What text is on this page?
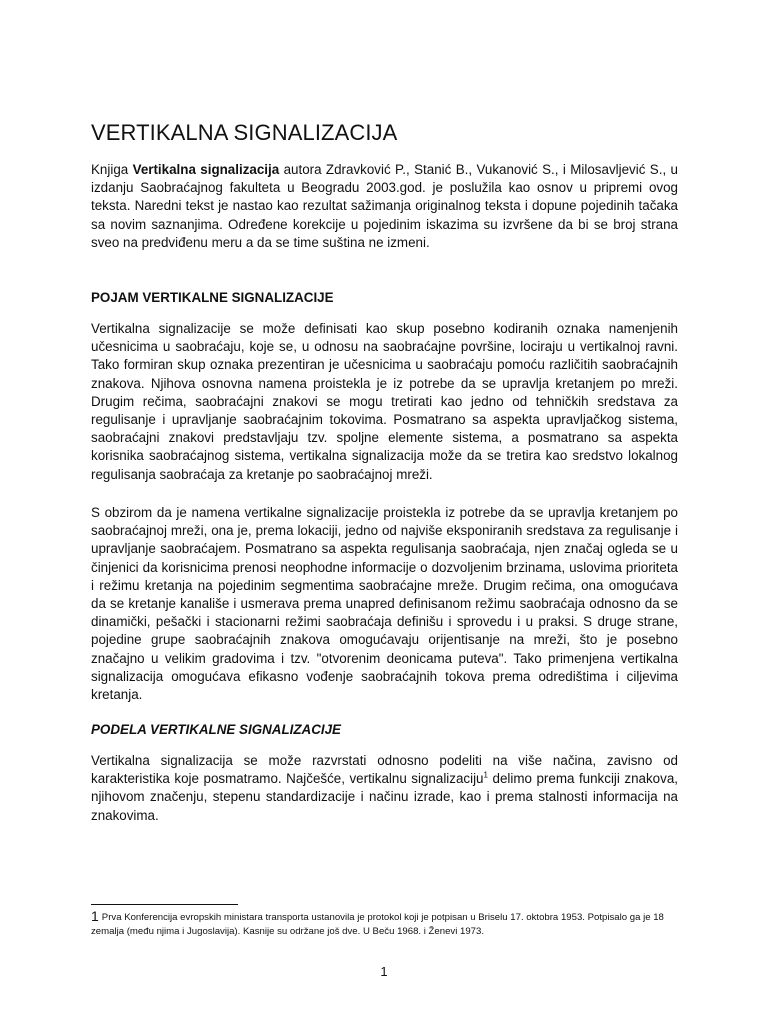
VERTIKALNA SIGNALIZACIJA

Knjiga Vertikalna signalizacija autora Zdravković P., Stanić B., Vukanović S., i Milosavljević S., u izdanju Saobraćajnog fakulteta u Beogradu 2003.god. je poslužila kao osnov u pripremi ovog teksta. Naredni tekst je nastao kao rezultat sažimanja originalnog teksta i dopune pojedinih tačaka sa novim saznanjima. Određene korekcije u pojedinim iskazima su izvršene da bi se broj strana sveo na predviđenu meru a da se time suština ne izmeni.

POJAM VERTIKALNE SIGNALIZACIJE

Vertikalna signalizacije se može definisati kao skup posebno kodiranih oznaka namenjenih učesnicima u saobraćaju, koje se, u odnosu na saobraćajne površine, lociraju u vertikalnoj ravni. Tako formiran skup oznaka prezentiran je učesnicima u saobraćaju pomoću različitih saobraćajnih znakova. Njihova osnovna namena proistekla je iz potrebe da se upravlja kretanjem po mreži. Drugim rečima, saobraćajni znakovi se mogu tretirati kao jedno od tehničkih sredstava za regulisanje i upravljanje saobraćajnim tokovima. Posmatrano sa aspekta upravljačkog sistema, saobraćajni znakovi predstavljaju tzv. spoljne elemente sistema, a posmatrano sa aspekta korisnika saobraćajnog sistema, vertikalna signalizacija može da se tretira kao sredstvo lokalnog regulisanja saobraćaja za kretanje po saobraćajnoj mreži.

S obzirom da je namena vertikalne signalizacije proistekla iz potrebe da se upravlja kretanjem po saobraćajnoj mreži, ona je, prema lokaciji, jedno od najviše eksponiranih sredstava za regulisanje i upravljanje saobraćajem. Posmatrano sa aspekta regulisanja saobraćaja, njen značaj ogleda se u činjenici da korisnicima prenosi neophodne informacije o dozvoljenim brzinama, uslovima prioriteta i režimu kretanja na pojedinim segmentima saobraćajne mreže. Drugim rečima, ona omogućava da se kretanje kanališe i usmerava prema unapred definisanom režimu saobraćaja odnosno da se dinamički, pešački i stacionarni režimi saobraćaja definišu i sprovedu i u praksi. S druge strane, pojedine grupe saobraćajnih znakova omogućavaju orijentisanje na mreži, što je posebno značajno u velikim gradovima i tzv. "otvorenim deonicama puteva". Tako primenjena vertikalna signalizacija omogućava efikasno vođenje saobraćajnih tokova prema odredištima i ciljevima kretanja.

PODELA VERTIKALNE SIGNALIZACIJE

Vertikalna signalizacija se može razvrstati odnosno podeliti na više načina, zavisno od karakteristika koje posmatramo. Najčešće, vertikalnu signalizaciju$^1$ delimo prema funkciji znakova, njihovom značenju, stepenu standardizacije i načinu izrade, kao i prema stalnosti informacija na znakovima.

1 Prva Konferencija evropskih ministara transporta ustanovila je protokol koji je potpisan u Briselu 17. oktobra 1953. Potpisalo ga je 18 zemalja (među njima i Jugoslavija). Kasnije su održane još dve. U Beču 1968. i Ženevi 1973.

1
